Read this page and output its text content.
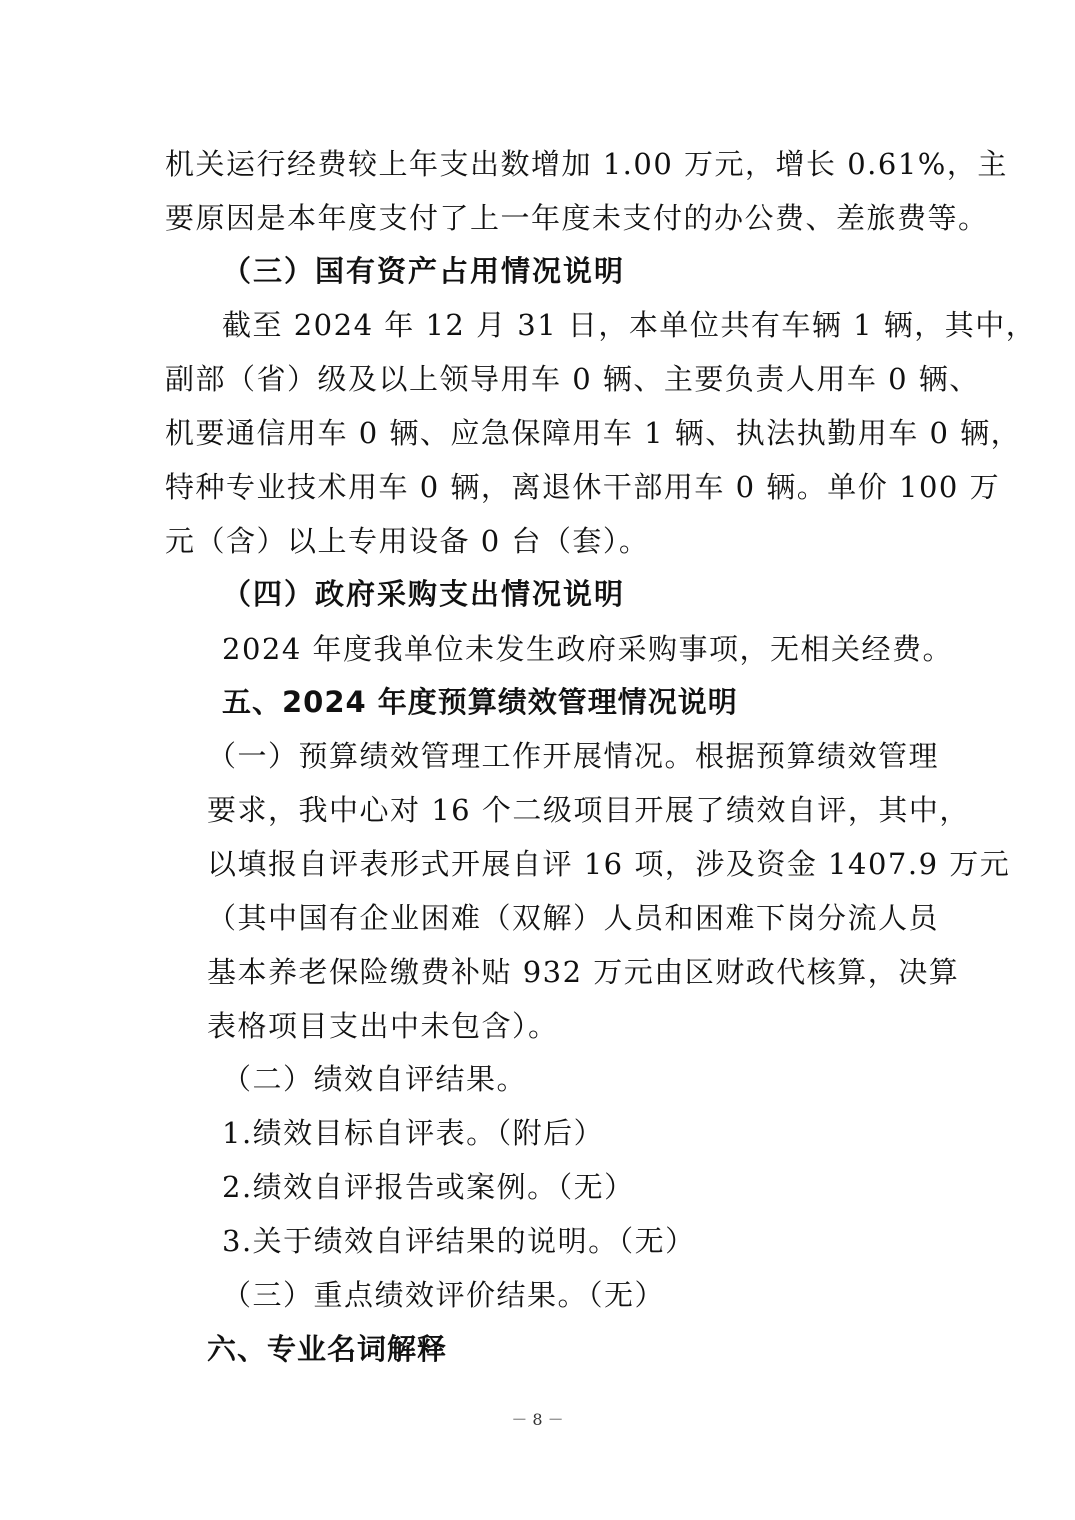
机关运行经费较上年支出数增加 1.00 万元，增长 0.61%，主
要原因是本年度支付了上一年度未支付的办公费、差旅费等。
（三）国有资产占用情况说明
截至 2024 年 12 月 31 日，本单位共有车辆 1 辆，其中，
副部（省）级及以上领导用车 0 辆、主要负责人用车 0 辆、
机要通信用车 0 辆、应急保障用车 1 辆、执法执勤用车 0 辆，
特种专业技术用车 0 辆，离退休干部用车 0 辆。单价 100 万
元（含）以上专用设备 0 台（套）。
（四）政府采购支出情况说明
2024 年度我单位未发生政府采购事项，无相关经费。
五、2024 年度预算绩效管理情况说明
（一）预算绩效管理工作开展情况。根据预算绩效管理
要求，我中心对 16 个二级项目开展了绩效自评，其中，
以填报自评表形式开展自评 16 项，涉及资金 1407.9 万元
（其中国有企业困难（双解）人员和困难下岗分流人员
基本养老保险缴费补贴 932 万元由区财政代核算，决算
表格项目支出中未包含）。
（二）绩效自评结果。
1.绩效目标自评表。（附后）
2.绩效自评报告或案例。（无）
3.关于绩效自评结果的说明。（无）
（三）重点绩效评价结果。（无）
六、专业名词解释
－ 8 －
